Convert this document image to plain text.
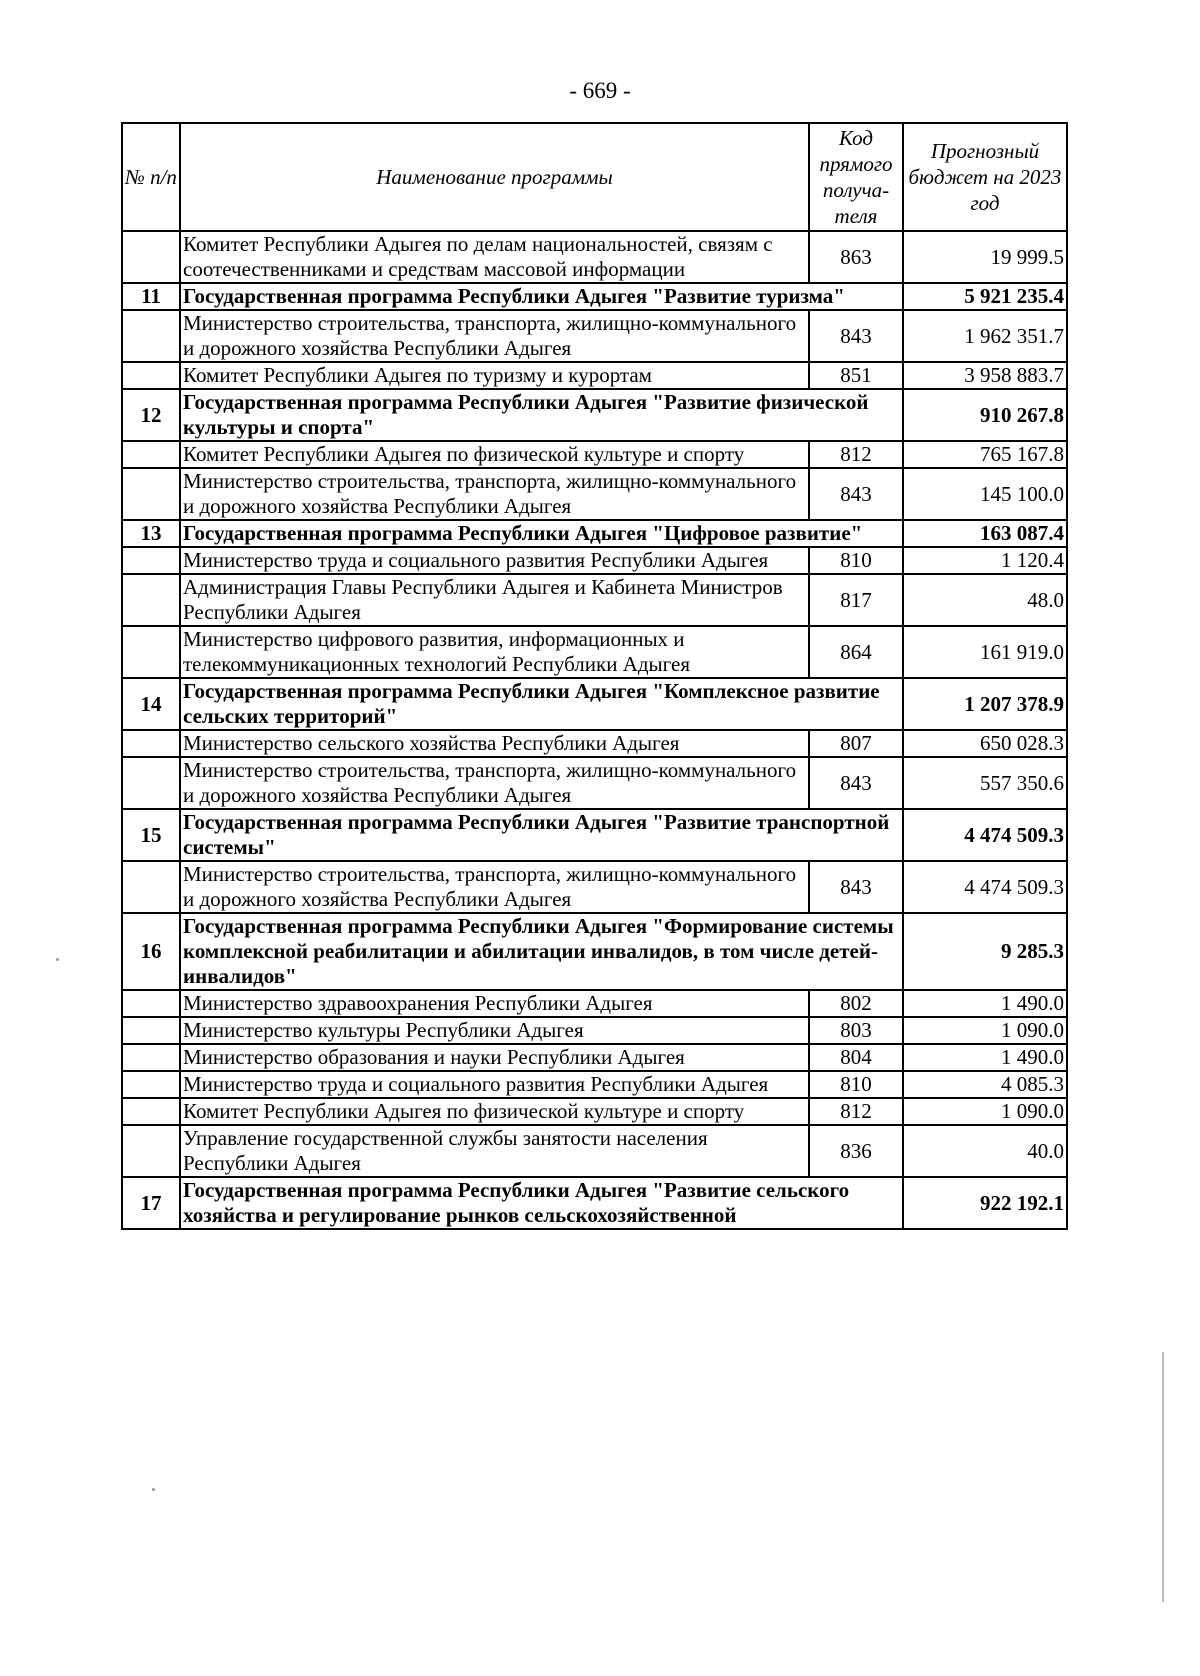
- 669 -
№ п/п	Наименование программы	Код прямого получа-теля	Прогнозный бюджет на 2023 год
	Комитет Республики Адыгея по делам национальностей, связям с соотечественниками и средствам массовой информации	863	19 999.5
11	Государственная программа Республики Адыгея "Развитие туризма"		5 921 235.4
	Министерство строительства, транспорта, жилищно-коммунального и дорожного хозяйства Республики Адыгея	843	1 962 351.7
	Комитет Республики Адыгея по туризму и курортам	851	3 958 883.7
12	Государственная программа Республики Адыгея "Развитие физической культуры и спорта"		910 267.8
	Комитет Республики Адыгея по физической культуре и спорту	812	765 167.8
	Министерство строительства, транспорта, жилищно-коммунального и дорожного хозяйства Республики Адыгея	843	145 100.0
13	Государственная программа Республики Адыгея "Цифровое развитие"		163 087.4
	Министерство труда и социального развития Республики Адыгея	810	1 120.4
	Администрация Главы Республики Адыгея и Кабинета Министров Республики Адыгея	817	48.0
	Министерство цифрового развития, информационных и телекоммуникационных технологий Республики Адыгея	864	161 919.0
14	Государственная программа Республики Адыгея "Комплексное развитие сельских территорий"		1 207 378.9
	Министерство сельского хозяйства Республики Адыгея	807	650 028.3
	Министерство строительства, транспорта, жилищно-коммунального и дорожного хозяйства Республики Адыгея	843	557 350.6
15	Государственная программа Республики Адыгея "Развитие транспортной системы"		4 474 509.3
	Министерство строительства, транспорта, жилищно-коммунального и дорожного хозяйства Республики Адыгея	843	4 474 509.3
16	Государственная программа Республики Адыгея "Формирование системы комплексной реабилитации и абилитации инвалидов, в том числе детей-инвалидов"		9 285.3
	Министерство здравоохранения Республики Адыгея	802	1 490.0
	Министерство культуры Республики Адыгея	803	1 090.0
	Министерство образования и науки Республики Адыгея	804	1 490.0
	Министерство труда и социального развития Республики Адыгея	810	4 085.3
	Комитет Республики Адыгея по физической культуре и спорту	812	1 090.0
	Управление государственной службы занятости населения Республики Адыгея	836	40.0
17	Государственная программа Республики Адыгея "Развитие сельского хозяйства и регулирование рынков сельскохозяйственной		922 192.1
